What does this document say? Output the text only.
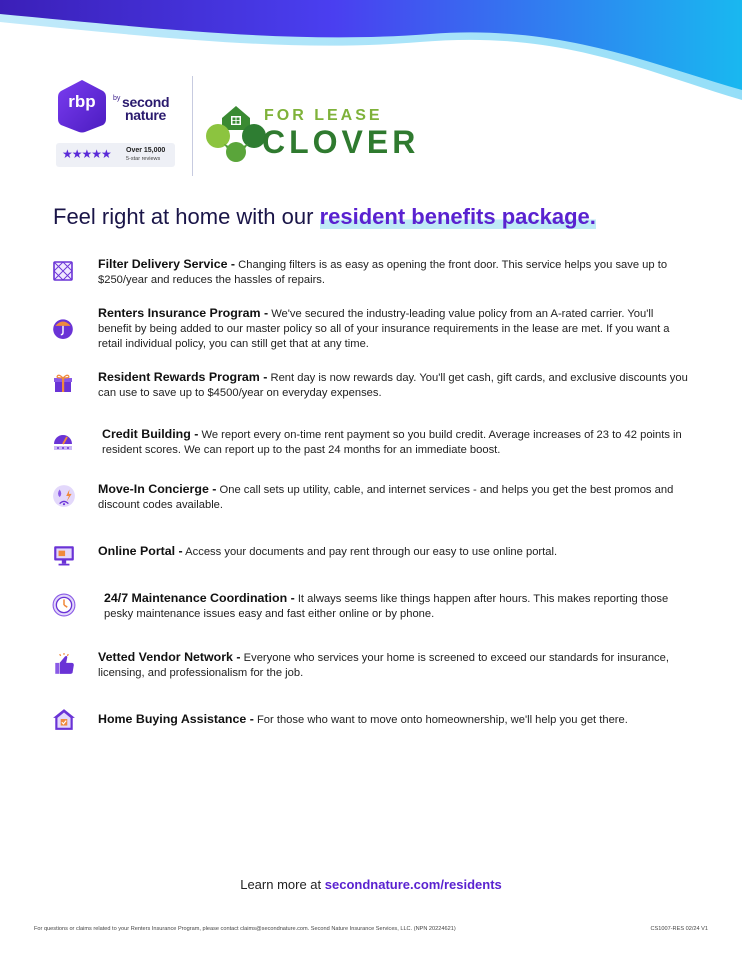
rbp	by second
nature
★★★★★ Over 15,000
5-star reviews
FOR LEASE
CLOVER
Feel right at home with our resident benefits package.
Filter Delivery Service - Changing filters is as easy as opening the front door. This service helps you save up to $250/year and reduces the hassles of repairs.
Renters Insurance Program - We've secured the industry-leading value policy from an A-rated carrier. You'll benefit by being added to our master policy so all of your insurance requirements in the lease are met. If you want a retail individual policy, you can still get that at any time.
Resident Rewards Program - Rent day is now rewards day. You'll get cash, gift cards, and exclusive discounts you can use to save up to $4500/year on everyday expenses.
Credit Building - We report every on-time rent payment so you build credit. Average increases of 23 to 42 points in resident scores. We can report up to the past 24 months for an immediate boost.
Move-In Concierge - One call sets up utility, cable, and internet services - and helps you get the best promos and discount codes available.
Online Portal - Access your documents and pay rent through our easy to use online portal.
24/7 Maintenance Coordination - It always seems like things happen after hours. This makes reporting those pesky maintenance issues easy and fast either online or by phone.
Vetted Vendor Network - Everyone who services your home is screened to exceed our standards for insurance, licensing, and professionalism for the job.
Home Buying Assistance - For those who want to move onto homeownership, we'll help you get there.
Learn more at secondnature.com/residents
For questions or claims related to your Renters Insurance Program, please contact claims@secondnature.com. Second Nature Insurance Services, LLC. (NPN 20224621)	CS1007-RES 02/24 V1
